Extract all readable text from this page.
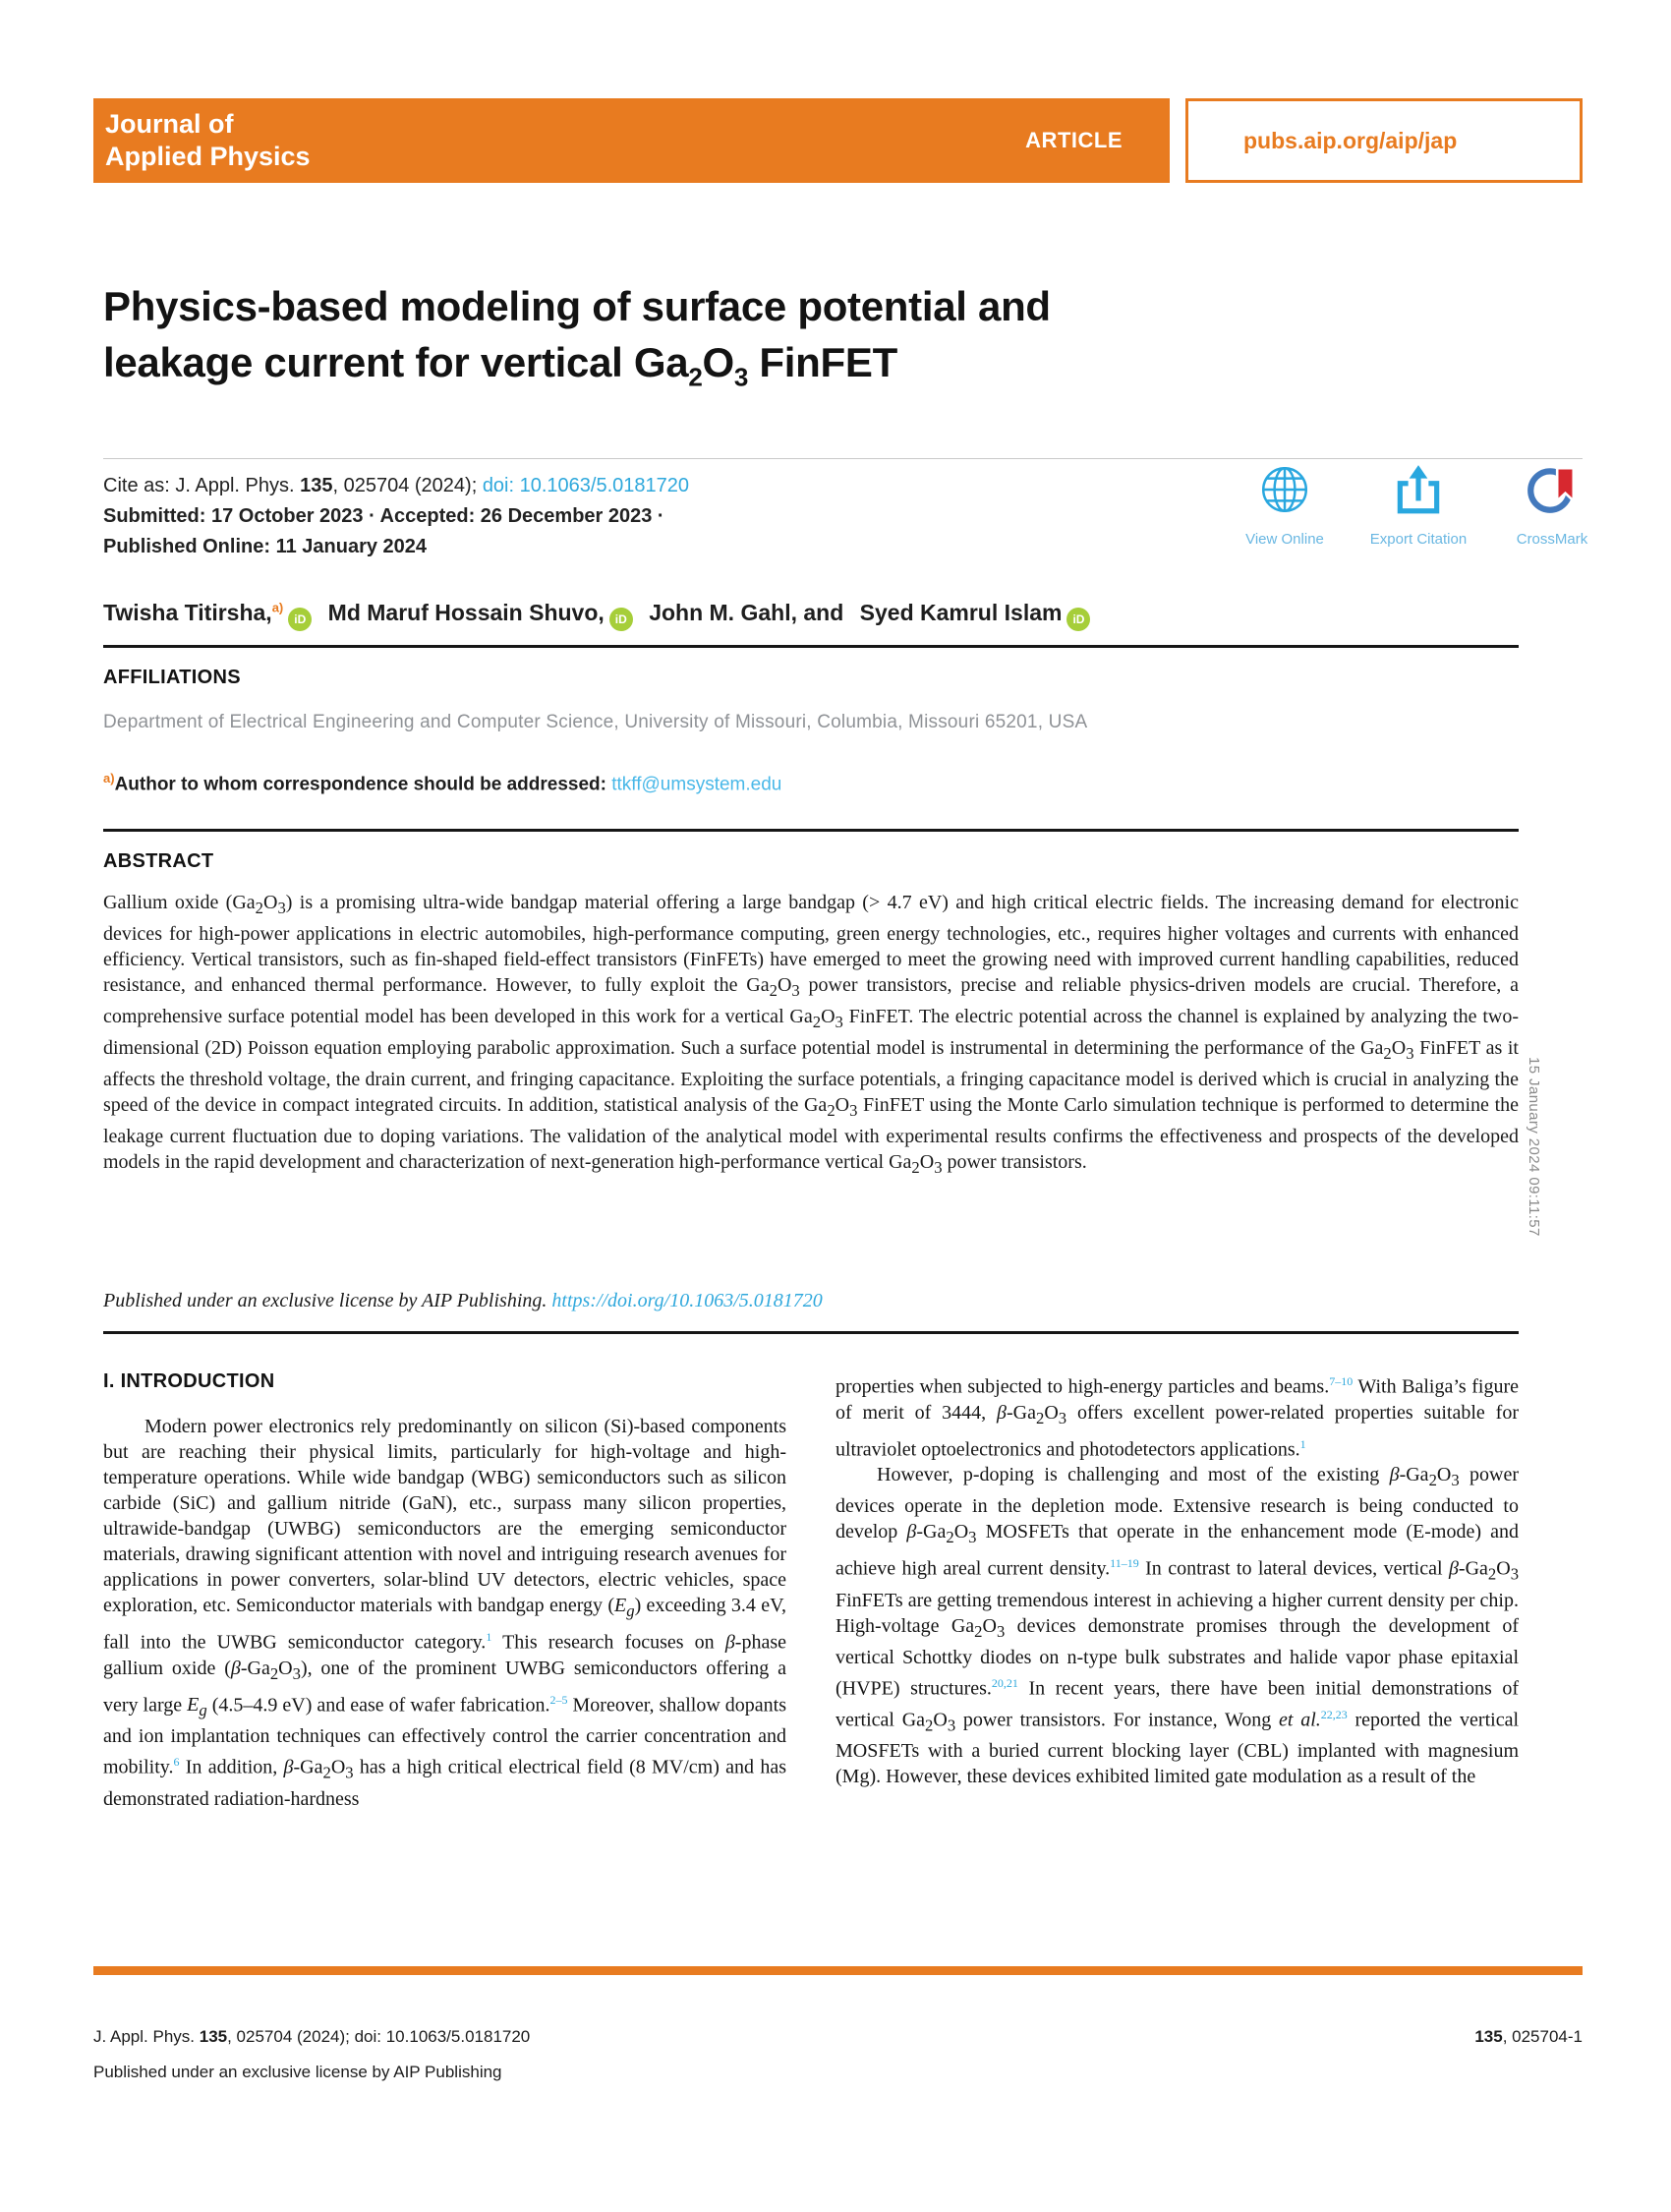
Journal of
Applied Physics
ARTICLE	pubs.aip.org/aip/jap
Physics-based modeling of surface potential and
leakage current for vertical $Ga_2O_3$ FinFET
Cite as: J. Appl. Phys. 135, 025704 (2024); doi: 10.1063/5.0181720
Submitted: 17 October 2023 · Accepted: 26 December 2023 ·
Published Online: 11 January 2024	View Online	Export Citation	CrossMark
Twisha Titirsha,$^{a)}$iD Md Maruf Hossain Shuvo, iD John M. Gahl, and Syed Kamrul Islam iD
AFFILIATIONS
Department of Electrical Engineering and Computer Science, University of Missouri, Columbia, Missouri 65201, USA
$^{a)}$Author to whom correspondence should be addressed: ttkff@umsystem.edu
ABSTRACT
Gallium oxide $(Ga_2O_3)$ is a promising ultra-wide bandgap material offering a large bandgap (> 4.7 eV) and high critical electric fields. The increasing demand for electronic devices for high-power applications in electric automobiles, high-performance computing, green energy technologies, etc., requires higher voltages and currents with enhanced efficiency. Vertical transistors, such as fin-shaped field-effect transistors (FinFETs) have emerged to meet the growing need with improved current handling capabilities, reduced resistance, and enhanced thermal performance. However, to fully exploit the $Ga_2O_3$ power transistors, precise and reliable physics-driven models are crucial. Therefore, a comprehensive surface potential model has been developed in this work for a vertical $Ga_2O_3$ FinFET. The electric potential across the channel is explained by analyzing the two-dimensional (2D) Poisson equation employing parabolic approximation. Such a surface potential model is instrumental in determining the performance of the $Ga_2O_3$ FinFET as it affects the threshold voltage, the drain current, and fringing capacitance. Exploiting the surface potentials, a fringing capacitance model is derived which is crucial in analyzing the speed of the device in compact integrated circuits. In addition, statistical analysis of the $Ga_2O_3$ FinFET using the Monte Carlo simulation technique is performed to determine the leakage current fluctuation due to doping variations. The validation of the analytical model with experimental results confirms the effectiveness and prospects of the developed models in the rapid development and characterization of next-generation high-performance vertical $Ga_2O_3$ power transistors.
Published under an exclusive license by AIP Publishing. https://doi.org/10.1063/5.0181720
I. INTRODUCTION

Modern power electronics rely predominantly on silicon (Si)-based components but are reaching their physical limits, particularly for high-voltage and high-temperature operations. While wide bandgap (WBG) semiconductors such as silicon carbide (SiC) and gallium nitride (GaN), etc., surpass many silicon properties, ultrawide-bandgap (UWBG) semiconductors are the emerging semiconductor materials, drawing significant attention with novel and intriguing research avenues for applications in power converters, solar-blind UV detectors, electric vehicles, space exploration, etc. Semiconductor materials with bandgap energy $(E_g)$ exceeding 3.4 eV, fall into the UWBG semiconductor category.$^1$ This research focuses on β-phase gallium oxide $(\beta-Ga_2O_3)$, one of the prominent UWBG semiconductors offering a very large $E_g$ (4.5–4.9 eV) and ease of wafer fabrication.$^{2-5}$ Moreover, shallow dopants and ion implantation techniques can effectively control the carrier concentration and mobility.$^6$ In addition, $\beta-Ga_2O_3$ has a high critical electrical field (8 MV/cm) and has demonstrated radiation-hardness

properties when subjected to high-energy particles and beams.$^{7-10}$ With Baliga’s figure of merit of 3444, $\beta-Ga_2O_3$ offers excellent power-related properties suitable for ultraviolet optoelectronics and photodetectors applications.$^1$

However, p-doping is challenging and most of the existing $\beta-Ga_2O_3$ power devices operate in the depletion mode. Extensive research is being conducted to develop $\beta-Ga_2O_3$ MOSFETs that operate in the enhancement mode (E-mode) and achieve high areal current density.$^{11-19}$ In contrast to lateral devices, vertical $\beta-Ga_2O_3$ FinFETs are getting tremendous interest in achieving a higher current density per chip. High-voltage $Ga_2O_3$ devices demonstrate promises through the development of vertical Schottky diodes on n-type bulk substrates and halide vapor phase epitaxial (HVPE) structures.$^{20,21}$ In recent years, there have been initial demonstrations of vertical $Ga_2O_3$ power transistors. For instance, Wong et al.$^{22,23}$ reported the vertical MOSFETs with a buried current blocking layer (CBL) implanted with magnesium (Mg). However, these devices exhibited limited gate modulation as a result of the

15 January 2024 09:11:57
J. Appl. Phys. 135, 025704 (2024); doi: 10.1063/5.0181720
Published under an exclusive license by AIP Publishing
135, 025704-1
